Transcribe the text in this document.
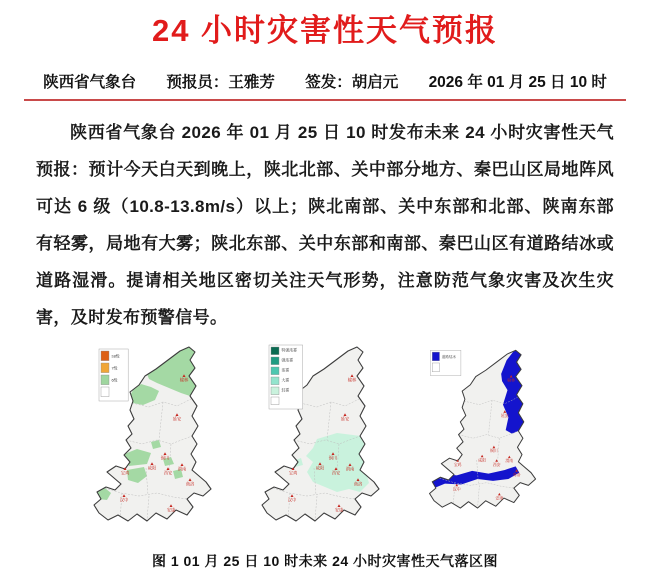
24 小时灾害性天气预报
陕西省气象台 预报员：王雅芳 签发：胡启元 2026 年 01 月 25 日 10 时

陕西省气象台 2026 年 01 月 25 日 10 时发布未来 24 小时灾害性天气预报：预计今天白天到晚上，陕北北部、关中部分地方、秦巴山区局地阵风可达 6 级（10.8-13.8m/s）以上；陕北南部、关中东部和北部、陕南东部有轻雾，局地有大雾；陕北东部、关中东部和南部、秦巴山区有道路结冰或道路湿滑。提请相关地区密切关注天气形势，注意防范气象灾害及次生灾害，及时发布预警信号。

榆林
延安
铜川
渭南
西安
咸阳
宝鸡
商洛
安康
汉中
≥8级
7级
6级	榆林
延安
铜川
渭南
西安
咸阳
宝鸡
商洛
安康
汉中
特强浓雾
强浓雾
浓雾
大雾
轻雾
榆林
延安
铜川
渭南
西安
咸阳
宝鸡
商洛
安康
汉中
道路结冰
图 1 01 月 25 日 10 时未来 24 小时灾害性天气落区图
